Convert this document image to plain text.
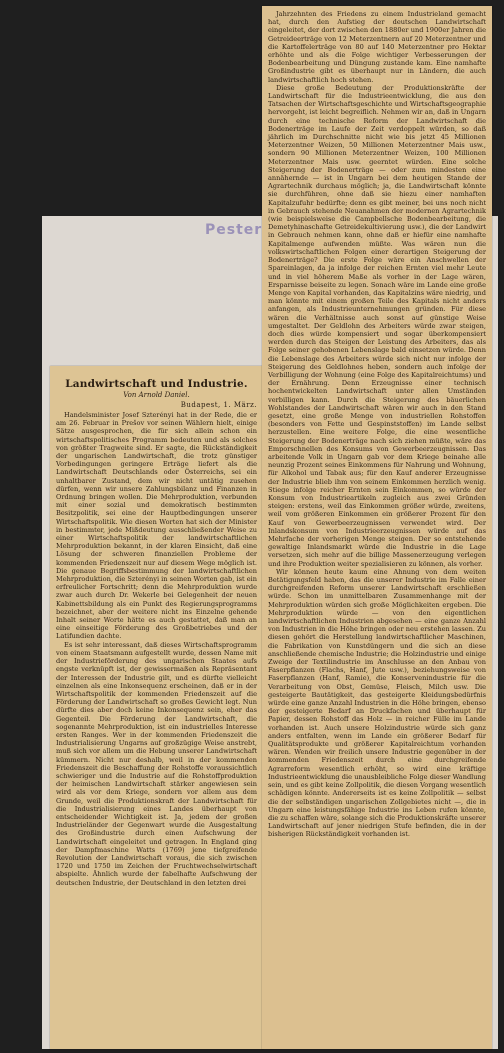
Pester
Landwirtschaft und Industrie.
Von Arnold Daniel.
Budapest, 1. März.

Handelsminister Josef Szterényi hat in der Rede, die er am 26. Februar in Prešov vor seinen Wählern hielt, einige Sätze ausgesprochen, die für sich allein schon ein wirtschaftspolitisches Programm bedeuten und als solches von größter Tragweite sind. Er sagte, die Rückständigkeit der ungarischen Landwirtschaft, die trotz günstiger Vorbedingungen geringere Erträge liefert als die Landwirtschaft Deutschlands oder Österreichs, sei ein unhaltbarer Zustand, dem wir nicht untätig zusehen dürfen, wenn wir unsere Zahlungsbilanz und Finanzen in Ordnung bringen wollen. Die Mehrproduktion, verbunden mit einer sozial und demokratisch bestimmten Besitzpolitik, sei eine der Hauptbedingungen unserer Wirtschaftspolitik. Wie diesen Worten hat sich der Minister in bestimmter, jede Mißdeutung ausschließender Weise zu einer Wirtschaftspolitik der landwirtschaftlichen Mehrproduktion bekannt, in der klaren Einsicht, daß eine Lösung der schweren finanziellen Probleme der kommenden Friedenszeit nur auf diesem Wege möglich ist. Die genaue Begriffsbestimmung der landwirtschaftlichen Mehrproduktion, die Szterényi in seinen Worten gab, ist ein erfreulicher Fortschritt; denn die Mehrproduktion wurde zwar auch durch Dr. Wekerle bei Gelegenheit der neuen Kabinettsbildung als ein Punkt des Regierungsprogramms bezeichnet, aber der weitere nicht ins Einzelne gehende Inhalt seiner Worte hätte es auch gestattet, daß man an eine einseitige Förderung des Großbetriebes und der Latifundien dachte.

Es ist sehr interessant, daß dieses Wirtschaftsprogramm von einem Staatsmann aufgestellt wurde, dessen Name mit der Industrieförderung des ungarischen Staates aufs engste verknüpft ist, der gewissermaßen als Repräsentant der Interessen der Industrie gilt, und es dürfte vielleicht einzelnen als eine Inkonsequenz erscheinen, daß er in der Wirtschaftspolitik der kommenden Friedenszeit auf die Förderung der Landwirtschaft so großes Gewicht legt. Nun dürfte dies aber doch keine Inkonsequenz sein, eher das Gegenteil. Die Förderung der Landwirtschaft, die sogenannte Mehrproduktion, ist ein industrielles Interesse ersten Ranges. Wer in der kommenden Friedenszeit die Industrialisierung Ungarns auf großzügige Weise anstrebt, muß sich vor allem um die Hebung unserer Landwirtschaft kümmern. Nicht nur deshalb, weil in der kommenden Friedenszeit die Beschaffung der Rohstoffe voraussichtlich schwieriger und die Industrie auf die Rohstoffproduktion der heimischen Landwirtschaft stärker angewiesen sein wird als vor dem Kriege, sondern vor allem aus dem Grunde, weil die Produktionskraft der Landwirtschaft für die Industrialisierung eines Landes überhaupt von entscheidender Wichtigkeit ist. Ja, jedem der großen Industrieländer der Gegenwart wurde die Ausgestaltung des Großindustrie durch einen Aufschwung der Landwirtschaft eingeleitet und getragen. In England ging der Dampfmaschine Watts (1769) jene tiefgreifende Revolution der Landwirtschaft voraus, die sich zwischen 1720 und 1750 im Zeichen der Fruchtwechselwirtschaft abspielte. Ähnlich wurde der fabelhafte Aufschwung der deutschen Industrie, der Deutschland in den letzten drei

Jahrzehnten des Friedens zu einem Industrieland gemacht hat, durch den Aufstieg der deutschen Landwirtschaft eingeleitet, der dort zwischen den 1880er und 1900er Jahren die Getreideerträge von 12 Meterzentnern auf 20 Meterzentner und die Kartoffelerträge von 80 auf 140 Meterzentner pro Hektar erhöhte und als die Folge wichtiger Verbesserungen der Bodenbearbeitung und Düngung zustande kam. Eine namhafte Großindustrie gibt es überhaupt nur in Ländern, die auch landwirtschaftlich hoch stehen.

Diese große Bedeutung der Produktionskräfte der Landwirtschaft für die Industrieentwicklung, die aus den Tatsachen der Wirtschaftsgeschichte und Wirtschaftsgeographie hervorgeht, ist leicht begreiflich. Nehmen wir an, daß in Ungarn durch eine technische Reform der Landwirtschaft die Bodenerträge im Laufe der Zeit verdoppelt würden, so daß jährlich im Durchschnitte nicht wie bis jetzt 45 Millionen Meterzentner Weizen, 50 Millionen Meterzentner Mais usw., sondern 90 Millionen Meterzentner Weizen, 100 Millionen Meterzentner Mais usw. geerntet würden. Eine solche Steigerung der Bodenerträge — oder zum mindesten eine annähernde — ist in Ungarn bei dem heutigen Stande der Agrartechnik durchaus möglich; ja, die Landwirtschaft könnte sie durchführen, ohne daß sie hiezu einer namhaften Kapitalzufuhr bedürfte; denn es gibt meiner, bei uns noch nicht in Gebrauch stehende Neuanahmen der modernen Agrartechnik (wie beispielsweise die Campbellsche Bodenbearbeitung, die Demetyhinaschafte Getreidekultivierung usw.), die der Landwirt in Gebrauch nehmen kann, ohne daß er hiefür eine namhafte Kapitalmenge aufwenden müßte. Was wären nun die volkswirtschaftlichen Folgen einer derartigen Steigerung der Bodenerträge? Die erste Folge wäre ein Anschwellen der Spareinlagen, da ja infolge der reichen Ernten viel mehr Leute und in viel höherem Maße als vorher in der Lage wären, Ersparnisse beiseite zu legen. Sonach wäre im Lande eine große Menge von Kapital vorhanden, das Kapitalzins wäre niedrig, und man könnte mit einem großen Teile des Kapitals nicht anders anfangen, als Industrieunternehmungen gründen. Für diese wären die Verhältnisse auch sonst auf günstige Weise umgestaltet. Der Geldlohn des Arbeiters würde zwar steigen, doch dies würde kompensiert und sogar überkompensiert werden durch das Steigen der Leistung des Arbeiters, das als Folge seiner gehobenen Lebenslage bald einsetzen würde. Denn die Lebenslage des Arbeiters würde sich nicht nur infolge der Steigerung des Geldlohnes heben, sondern auch infolge der Verbilligung der Wohnung (eine Folge des Kapitalreichtums) und der Ernährung. Denn Erzeugnisse einer technisch hochentwickelten Landwirtschaft unter allen Umständen verbilligen kann. Durch die Steigerung des bäuerlichen Wohlstandes der Landwirtschaft wären wir auch in den Stand gesetzt, eine große Menge von industriellen Rohstoffen (besonders von Fette und Gespinststoffen) im Lande selbst herzustellen. Eine weitere Folge, die eine wesentliche Steigerung der Bodenerträge nach sich ziehen müßte, wäre das Emporschnellen des Konsums von Gewerbeerzeugnissen. Das arbeitende Volk in Ungarn gab vor dem Kriege beinahe alle neunzig Prozent seines Einkommens für Nahrung und Wohnung, für Alkohol und Tabak aus; für den Kauf anderer Erzeugnisse der Industrie blieb ihm von seinem Einkommen herzlich wenig. Stiege infolge reicher Ernten sein Einkommen, so würde der Konsum von Industrieartikeln zugleich aus zwei Gründen steigen: erstens, weil das Einkommen größer würde, zweitens, weil vom größeren Einkommen ein größerer Prozent für den Kauf von Gewerbeerzeugnissen verwendet wird. Der Inlandskonsum von Industrieerzeugnissen würde auf das Mehrfache der vorherigen Menge steigen. Der so entstehende gewaltige Inlandsmarkt würde die Industrie in die Lage versetzen, sich mehr auf die billige Massenerzeugung verlegen und ihre Produktion weiter spezialisieren zu können, als vorher.

Wir können heute kaum eine Ahnung von dem weiten Betätigungsfeld haben, das die unserer Industrie im Falle einer durchgreifenden Reform unserer Landwirtschaft erschließen würde. Schon im unmittelbaren Zusammenhange mit der Mehrproduktion würden sich große Möglichkeiten ergeben. Die Mehrproduktion würde — von den eigentlichen landwirtschaftlichen Industrien abgesehen — eine ganze Anzahl von Industrien in die Höhe bringen oder neu erstehen lassen. Zu diesen gehört die Herstellung landwirtschaftlicher Maschinen, die Fabrikation von Kunstdüngern und die sich an diese anschließende chemische Industrie; die Holzindustrie und einige Zweige der Textilindustrie im Anschlusse an den Anbau von Faserpflanzen (Flachs, Hanf, Jute usw.), beziehungsweise von Faserpflanzen (Hanf, Ramie), die Konservenindustrie für die Verarbeitung von Obst, Gemüse, Fleisch, Milch usw. Die gesteigerte Bautätigkeit, das gesteigerte Kleidungsbedürfnis würde eine ganze Anzahl Industrien in die Höhe bringen, ebenso der gesteigerte Bedarf an Druckfachen und überhaupt für Papier, dessen Rohstoff das Holz — in reicher Fülle im Lande vorhanden ist. Auch unsere Holzindustrie würde sich ganz anders entfalten, wenn im Lande ein größerer Bedarf für Qualitätsprodukte und größerer Kapitalreichtum vorhanden wären. Wenden wir freilich unsere Industrie gegenüber in der kommenden Friedenszeit durch eine durchgreifende Agrarreform wesentlich erhöht, so wird eine kräftige Industrieentwicklung die unausbleibliche Folge dieser Wandlung sein, und es gibt keine Zollpolitik, die diesen Vorgang wesentlich schädigen könnte. Andererseits ist es keine Zollpolitik — selbst die der selbständigen ungarischen Zollgebietes nicht —, die in Ungarn eine leistungsfähige Industrie ins Leben rufen könnte, die zu schaffen wäre, solange sich die Produktionskräfte unserer Landwirtschaft auf jener niedrigen Stufe befinden, die in der bisherigen Rückständigkeit vorhanden ist.
